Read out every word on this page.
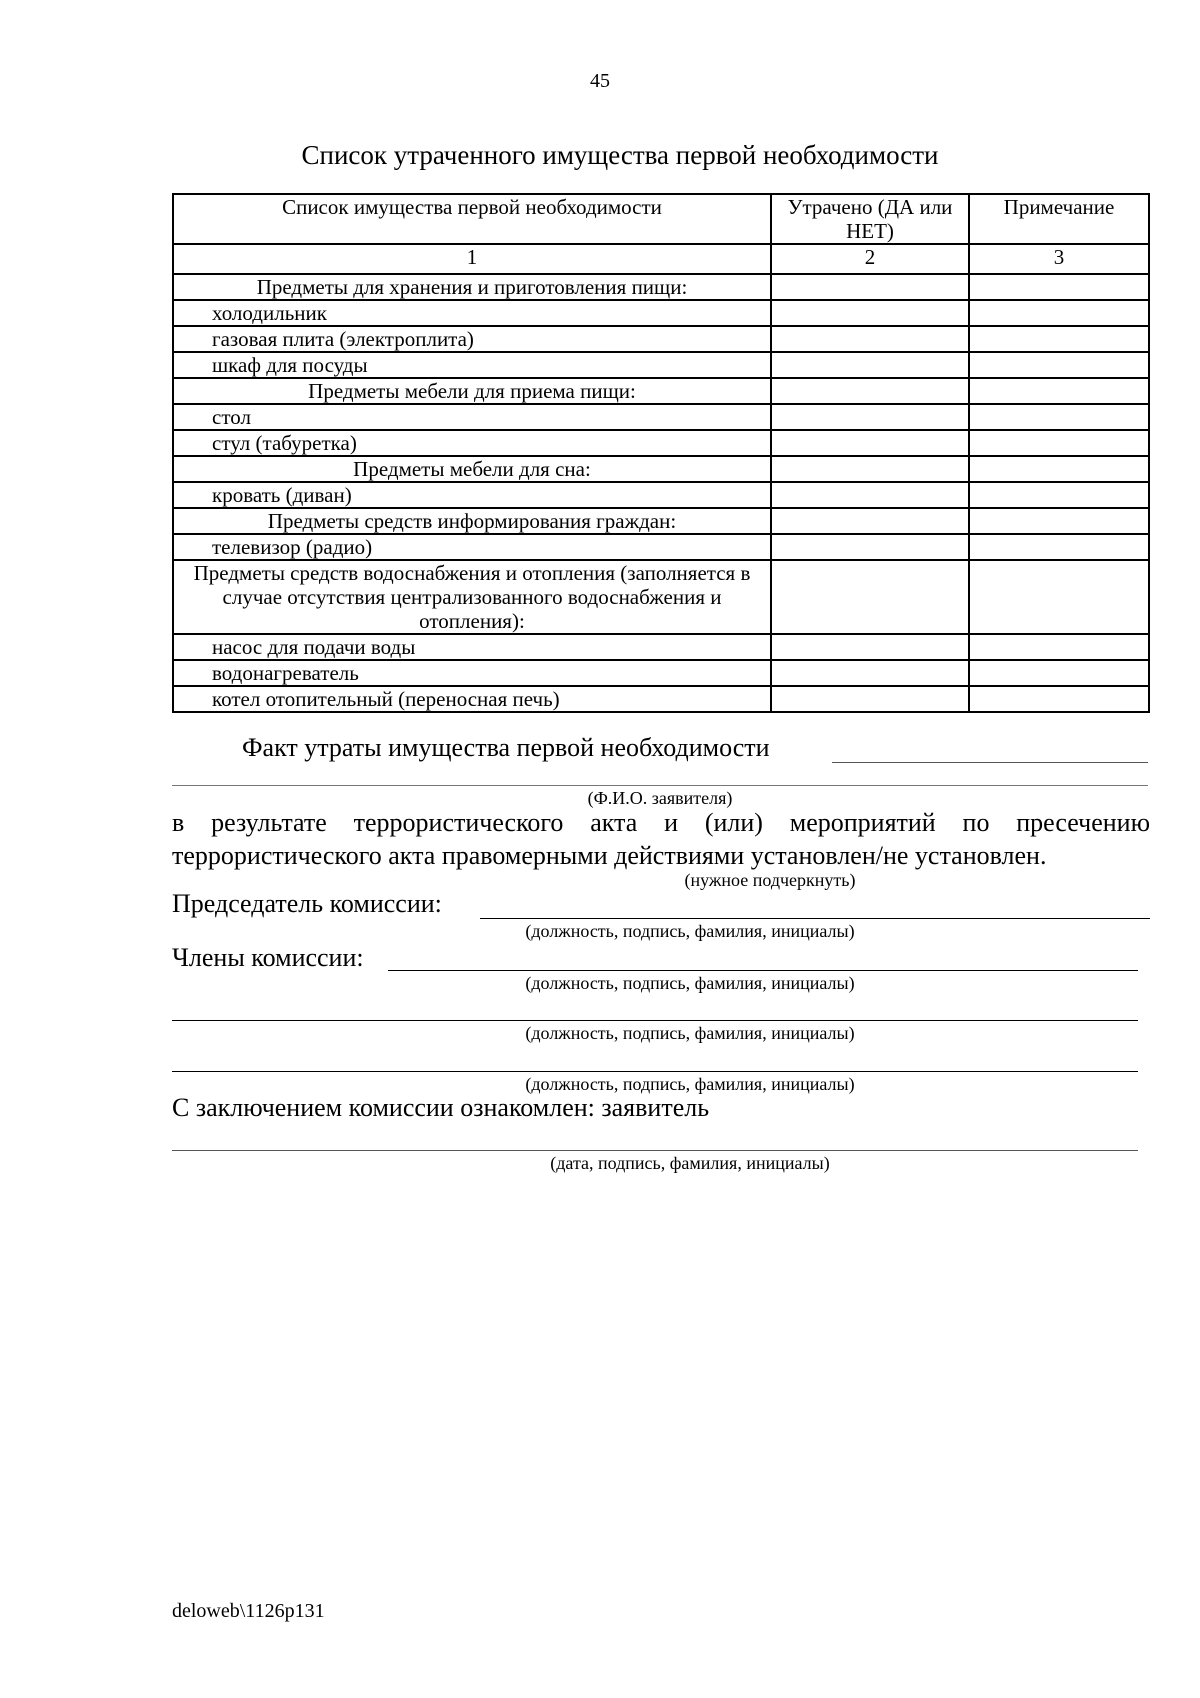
45
Список утраченного имущества первой необходимости
Список имущества первой необходимости	Утрачено (ДА или НЕТ)	Примечание
1	2	3
Предметы для хранения и приготовления пищи:		
холодильник		
газовая плита (электроплита)		
шкаф для посуды		
Предметы мебели для приема пищи:		
стол		
стул (табуретка)		
Предметы мебели для сна:		
кровать (диван)		
Предметы средств информирования граждан:		
телевизор (радио)		
Предметы средств водоснабжения и отопления (заполняется в случае отсутствия централизованного водоснабжения и отопления):		
насос для подачи воды		
водонагреватель		
котел отопительный (переносная печь)		
Факт утраты имущества первой необходимости
(Ф.И.О. заявителя)
в результате террористического акта и (или) мероприятий по пресечению
террористического акта правомерными действиями установлен/не установлен.
(нужное подчеркнуть)
Председатель комиссии:
(должность, подпись, фамилия, инициалы)
Члены комиссии:
(должность, подпись, фамилия, инициалы)
(должность, подпись, фамилия, инициалы)
(должность, подпись, фамилия, инициалы)
С заключением комиссии ознакомлен: заявитель
(дата, подпись, фамилия, инициалы)
deloweb\1126p131
